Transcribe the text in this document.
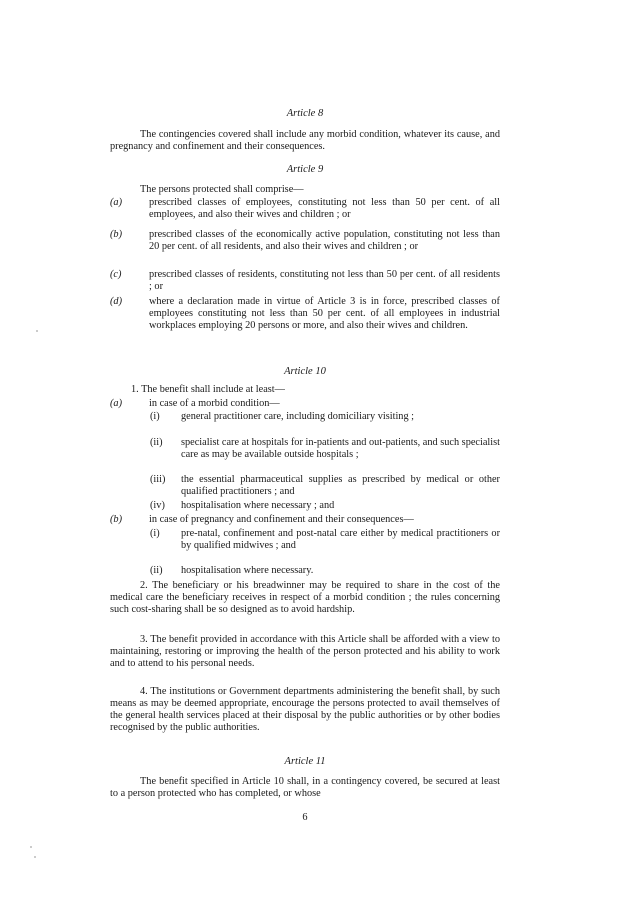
Article 8
The contingencies covered shall include any morbid condition, whatever its cause, and pregnancy and confinement and their consequences.
Article 9
The persons protected shall comprise—
(a)	prescribed classes of employees, constituting not less than 50 per cent. of all employees, and also their wives and children ; or
(b)	prescribed classes of the economically active population, constituting not less than 20 per cent. of all residents, and also their wives and children ; or
(c)	prescribed classes of residents, constituting not less than 50 per cent. of all residents ; or
(d)	where a declaration made in virtue of Article 3 is in force, prescribed classes of employees constituting not less than 50 per cent. of all employees in industrial workplaces employing 20 persons or more, and also their wives and children.
Article 10
1. The benefit shall include at least—
(a)	in case of a morbid condition—
(i)	general practitioner care, including domiciliary visiting ;
(ii)	specialist care at hospitals for in-patients and out-patients, and such specialist care as may be available outside hospitals ;
(iii)	the essential pharmaceutical supplies as prescribed by medical or other qualified practitioners ; and
(iv)	hospitalisation where necessary ; and
(b)	in case of pregnancy and confinement and their consequences—
(i)	pre-natal, confinement and post-natal care either by medical practitioners or by qualified midwives ; and
(ii)	hospitalisation where necessary.
2. The beneficiary or his breadwinner may be required to share in the cost of the medical care the beneficiary receives in respect of a morbid condition ; the rules concerning such cost-sharing shall be so designed as to avoid hardship.
3. The benefit provided in accordance with this Article shall be afforded with a view to maintaining, restoring or improving the health of the person protected and his ability to work and to attend to his personal needs.
4. The institutions or Government departments administering the benefit shall, by such means as may be deemed appropriate, encourage the persons protected to avail themselves of the general health services placed at their disposal by the public authorities or by other bodies recognised by the public authorities.
Article 11
The benefit specified in Article 10 shall, in a contingency covered, be secured at least to a person protected who has completed, or whose
6
